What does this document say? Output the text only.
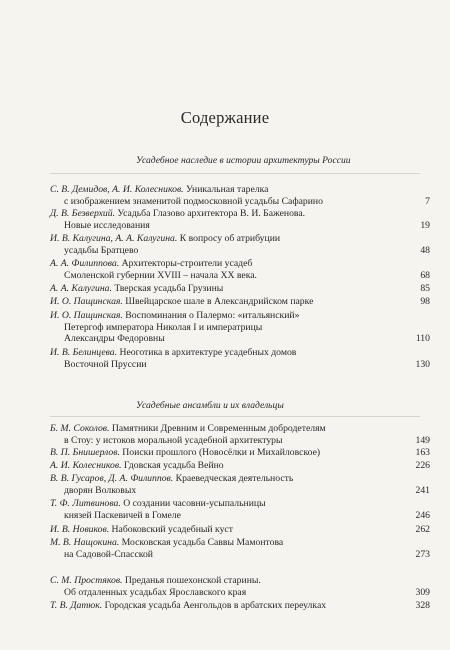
Содержание
Усадебное наследие в истории архитектуры России
С. В. Демидов, А. И. Колесников. Уникальная тарелка
с изображением знаменитой подмосковной усадьбы Сафарино	7
Д. В. Безверхий. Усадьба Глазово архитектора В. И. Баженова.
Новые исследования	19
И. В. Калугина, А. А. Калугина. К вопросу об атрибуции
усадьбы Братцево	48
А. А. Филиппова. Архитекторы-строители усадеб
Смоленской губернии XVIII – начала XX века.	68
А. А. Калугина. Тверская усадьба Грузины	85
И. О. Пащинская. Швейцарское шале в Александрийском парке	98
И. О. Пащинская. Воспоминания о Палермо: «итальянский»
Петергоф императора Николая I и императрицы
Александры Федоровны	110
И. В. Белинцева. Неоготика в архитектуре усадебных домов
Восточной Пруссии	130
Усадебные ансамбли и их владельцы
Б. М. Соколов. Памятники Древним и Современным добродетелям
в Стоу: у истоков моральной усадебной архитектуры	149
В. П. Бнишерлов. Поиски прошлого (Новосёлки и Михайловское)	163
А. И. Колесников. Гдовская усадьба Вейно	226
В. В. Гусаров, Д. А. Филиппов. Краеведческая деятельность
дворян Волковых	241
Т. Ф. Литвинова. О создании часовни-усыпальницы
князей Паскевичей в Гомеле	246
И. В. Новиков. Набоковский усадебный куст	262
М. В. Нащокина. Московская усадьба Саввы Мамонтова
на Садовой-Спасской	273
С. М. Простяков. Преданья пошехонской старины.
Об отдаленных усадьбах Ярославского края	309
Т. В. Датюк. Городская усадьба Аенгольдов в арбатских переулках	328
